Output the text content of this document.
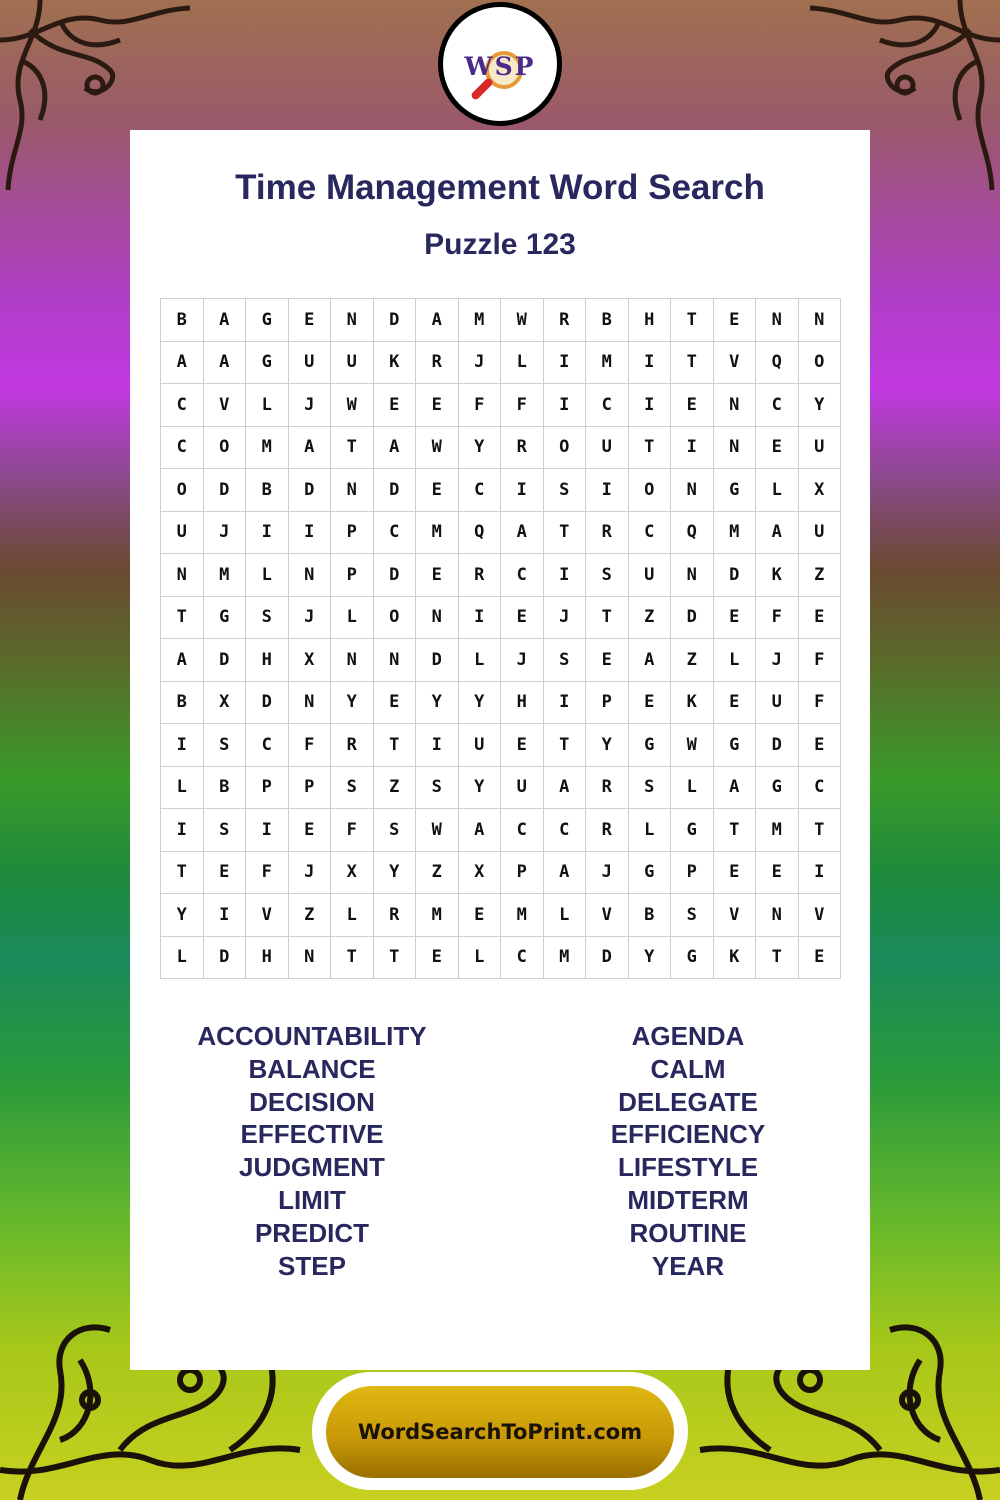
WSP
Time Management Word Search
Puzzle 123
B	A	G	E	N	D	A	M	W	R	B	H	T	E	N	N
A	A	G	U	U	K	R	J	L	I	M	I	T	V	Q	O
C	V	L	J	W	E	E	F	F	I	C	I	E	N	C	Y
C	O	M	A	T	A	W	Y	R	O	U	T	I	N	E	U
O	D	B	D	N	D	E	C	I	S	I	O	N	G	L	X
U	J	I	I	P	C	M	Q	A	T	R	C	Q	M	A	U
N	M	L	N	P	D	E	R	C	I	S	U	N	D	K	Z
T	G	S	J	L	O	N	I	E	J	T	Z	D	E	F	E
A	D	H	X	N	N	D	L	J	S	E	A	Z	L	J	F
B	X	D	N	Y	E	Y	Y	H	I	P	E	K	E	U	F
I	S	C	F	R	T	I	U	E	T	Y	G	W	G	D	E
L	B	P	P	S	Z	S	Y	U	A	R	S	L	A	G	C
I	S	I	E	F	S	W	A	C	C	R	L	G	T	M	T
T	E	F	J	X	Y	Z	X	P	A	J	G	P	E	E	I
Y	I	V	Z	L	R	M	E	M	L	V	B	S	V	N	V
L	D	H	N	T	T	E	L	C	M	D	Y	G	K	T	E
ACCOUNTABILITY
BALANCE
DECISION
EFFECTIVE
JUDGMENT
LIMIT
PREDICT
STEP
AGENDA
CALM
DELEGATE
EFFICIENCY
LIFESTYLE
MIDTERM
ROUTINE
YEAR
WordSearchToPrint.com
